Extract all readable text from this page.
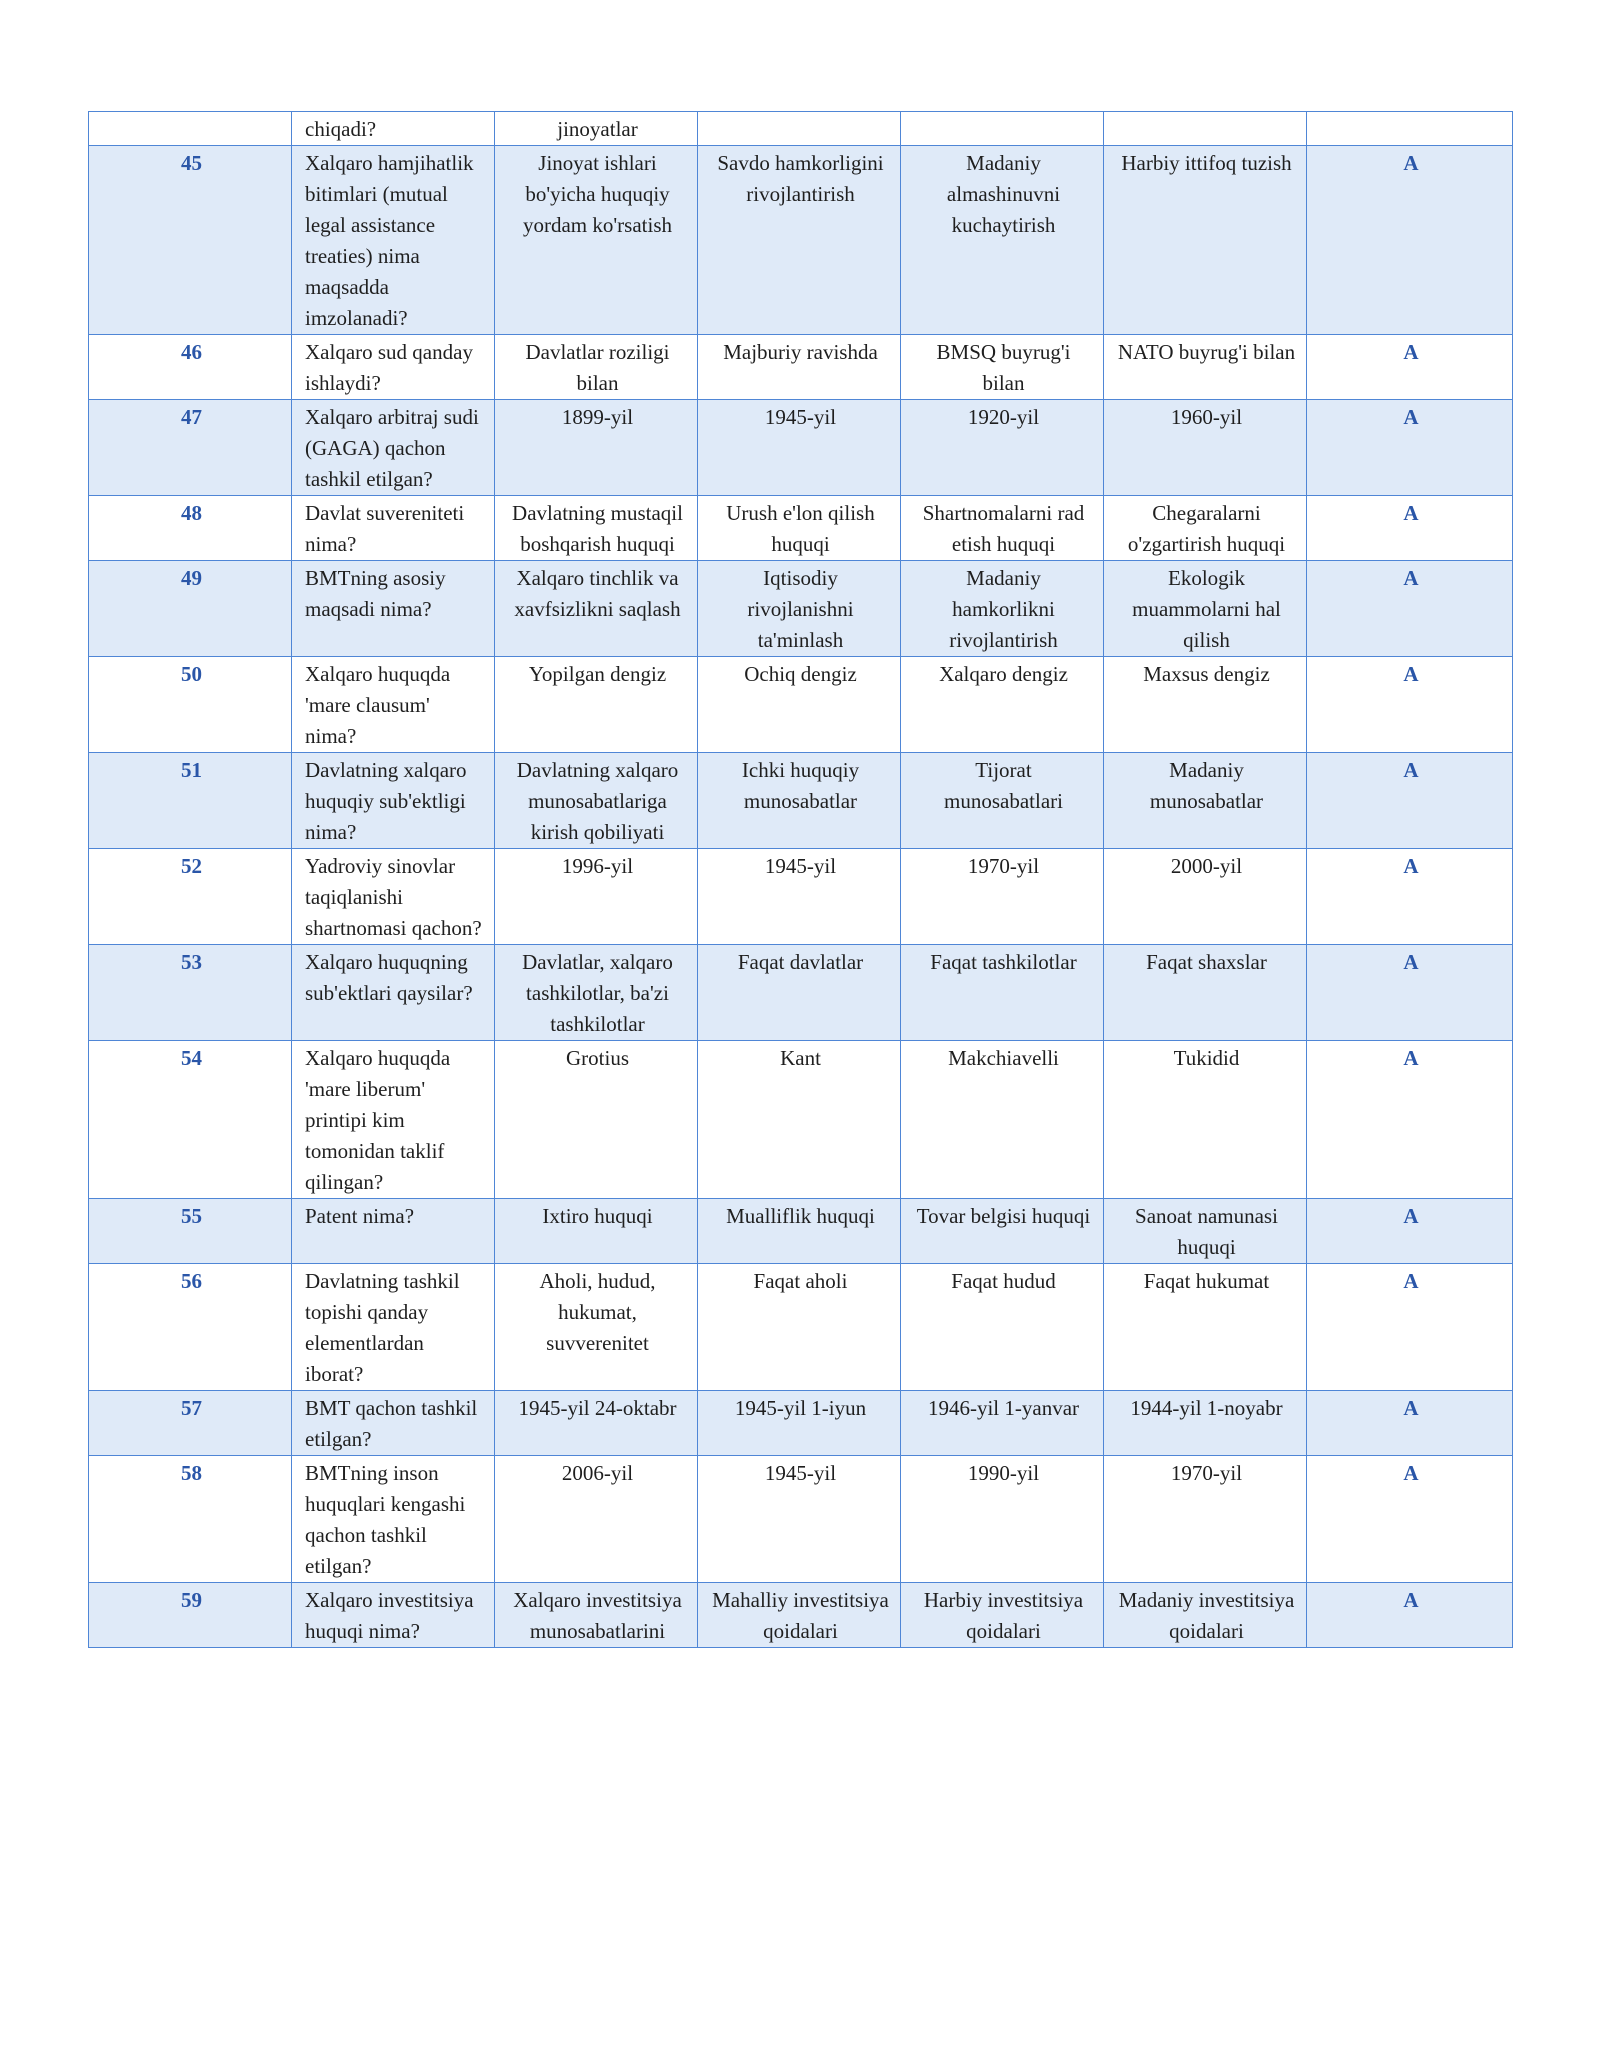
	chiqadi?	jinoyatlar				
45	Xalqaro hamjihatlik bitimlari (mutual legal assistance treaties) nima maqsadda imzolanadi?	Jinoyat ishlari bo'yicha huquqiy yordam ko'rsatish	Savdo hamkorligini rivojlantirish	Madaniy almashinuvni kuchaytirish	Harbiy ittifoq tuzish	A
46	Xalqaro sud qanday ishlaydi?	Davlatlar roziligi bilan	Majburiy ravishda	BMSQ buyrug'i bilan	NATO buyrug'i bilan	A
47	Xalqaro arbitraj sudi (GAGA) qachon tashkil etilgan?	1899-yil	1945-yil	1920-yil	1960-yil	A
48	Davlat suvereniteti nima?	Davlatning mustaqil boshqarish huquqi	Urush e'lon qilish huquqi	Shartnomalarni rad etish huquqi	Chegaralarni o'zgartirish huquqi	A
49	BMTning asosiy maqsadi nima?	Xalqaro tinchlik va xavfsizlikni saqlash	Iqtisodiy rivojlanishni ta'minlash	Madaniy hamkorlikni rivojlantirish	Ekologik muammolarni hal qilish	A
50	Xalqaro huquqda 'mare clausum' nima?	Yopilgan dengiz	Ochiq dengiz	Xalqaro dengiz	Maxsus dengiz	A
51	Davlatning xalqaro huquqiy sub'ektligi nima?	Davlatning xalqaro munosabatlariga kirish qobiliyati	Ichki huquqiy munosabatlar	Tijorat munosabatlari	Madaniy munosabatlar	A
52	Yadroviy sinovlar taqiqlanishi shartnomasi qachon?	1996-yil	1945-yil	1970-yil	2000-yil	A
53	Xalqaro huquqning sub'ektlari qaysilar?	Davlatlar, xalqaro tashkilotlar, ba'zi tashkilotlar	Faqat davlatlar	Faqat tashkilotlar	Faqat shaxslar	A
54	Xalqaro huquqda 'mare liberum' printipi kim tomonidan taklif qilingan?	Grotius	Kant	Makchiavelli	Tukidid	A
55	Patent nima?	Ixtiro huquqi	Mualliflik huquqi	Tovar belgisi huquqi	Sanoat namunasi huquqi	A
56	Davlatning tashkil topishi qanday elementlardan iborat?	Aholi, hudud, hukumat, suvverenitet	Faqat aholi	Faqat hudud	Faqat hukumat	A
57	BMT qachon tashkil etilgan?	1945-yil 24-oktabr	1945-yil 1-iyun	1946-yil 1-yanvar	1944-yil 1-noyabr	A
58	BMTning inson huquqlari kengashi qachon tashkil etilgan?	2006-yil	1945-yil	1990-yil	1970-yil	A
59	Xalqaro investitsiya huquqi nima?	Xalqaro investitsiya munosabatlarini	Mahalliy investitsiya qoidalari	Harbiy investitsiya qoidalari	Madaniy investitsiya qoidalari	A
